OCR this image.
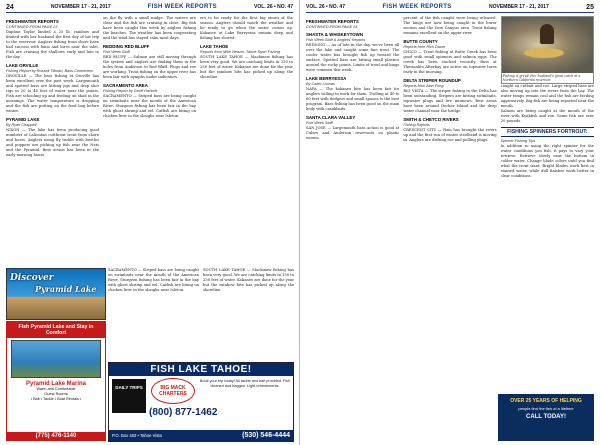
24	NOVEMBER 17 - 21, 2017	FISH WEEK REPORTS	VOL. 26 • NO. 47
FRESHWATER REPORTS
CONTINUED FROM PAGE 23
Daphne Taylor landed a 25 lb. rainbow and limited with her husband the first day of his trip to the reservoir. Anglers fishing from shore have had success with baits and lures near the inlet. Fish are cruising the shallows early and late in the day.
LAKE ORVILLE
Fishing Report by Russell Tillman, Bass Connection
OROVILLE — The bass fishing at Oroville has been excellent over the past week. Largemouth and spotted bass are hitting jigs and drop shot rigs in 20 to 40 feet of water near the points. Fish are schooling up and feeding on shad in the mornings. The water temperature is dropping and the fish are putting on the feed bag before winter.
PYRAMID LAKE
By Ryan Chappell
NIXON — The lake has been producing good numbers of Lahontan cutthroat trout from shore and boats. Anglers using fly tackle with beetles and poppers are picking up fish near the Nets and the Pyramid. Best action has been in the early morning hours.
on the fly with a small midge. The waters are clear and the fish are cruising in close. Big fish have been caught this week by anglers fishing the beaches. The weather has been cooperating and the wind has stayed calm most days.
REDDING RED BLUFF
Fish Week Staff
RED BLUFF — Salmon are still moving through the system and anglers are finding them in the holes from Anderson to Red Bluff. Plugs and roe are working. Trout fishing on the upper river has been fair with nymphs under indicators.
SACRAMENTO AREA
Fishing Report by Geoff Hackett
SACRAMENTO — Striped bass are being caught on swimbaits near the mouth of the American River. Sturgeon fishing has been fair in the bay with ghost shrimp and eel. Catfish are biting on chicken liver in the sloughs near Isleton.
ers to be ready for the first big storm of the season. Anglers should watch the weather and be ready to go when the water comes up. Kokanee at Lake Berryessa remain deep and fishing has slowed.
LAKE TAHOE
Reports from Mike Nelson, Tahoe Sport Fishing
SOUTH LAKE TAHOE — Mackinaw fishing has been very good. We are catching limits in 150 to 250 feet of water. Kokanee are done for the year but the rainbow bite has picked up along the shoreline.
SACRAMENTO — Striped bass are being caught on swimbaits near the mouth of the American River. Sturgeon fishing has been fair in the bay with ghost shrimp and eel. Catfish are biting on chicken liver in the sloughs near Isleton.
SOUTH LAKE TAHOE — Mackinaw fishing has been very good. We are catching limits in 150 to 250 feet of water. Kokanee are done for the year but the rainbow bite has picked up along the shoreline.
Discover
Pyramid Lake
Fish Pyramid Lake and Stay in Comfort
Pyramid Lake Marina
Warm and Comfortable
Guest Rooms
• Bait • Tackle • Boat Rentals •
(775) 476-1140
FISH LAKE TAHOE!
DAILY TRIPS	BIG MACK CHARTERS
(800) 877-1462
Book your trip today! All tackle and bait provided. Fish cleaned and bagged. Light refreshments.
P.O. Box 463 • Tahoe Vista	(530) 546-4444
VOL. 26 • NO. 47	FISH WEEK REPORTS	NOVEMBER 17 - 21, 2017	25
FRESHWATER REPORTS
CONTINUED FROM PAGE 24
SHASTA & WHISKEYTOWN
Fish Week Staff & Anglers' Reports
REDDING — As of late in the day, we've been all over the lake and caught some fine trout. The cooler water has brought fish up toward the surface. Spotted bass are hitting small plastics around the rocky points. Limits of trout and kings were common this week.
LAKE BERRYESSA
By Caleb Lounas
NAPA — The kokanee bite has been fair for anglers willing to work for them. Trolling at 40 to 60 feet with dodgers and small spoons is the best program. Bass fishing has been good on the main body with crankbaits.
SANTA CLARA VALLEY
Fish Week Staff
SAN JOSE — Largemouth bass action is good at Calero and Anderson reservoirs on plastic worms.
percent of the fish caught were being released. The kings are now being caught in the lower section and the Iron Canyon area. Trout fishing remains excellent on the upper river.
BUTTE COUNTY
Reports from Rich Dauer
CHICO — Trout fishing at Butte Creek has been good with small spinners and salmon eggs. The creek has been stocked recently. Bass at Thermalito Afterbay are active on topwater lures early in the morning.
DELTA STRIPER ROUNDUP
Reports from Alan Fong
RIO VISTA — The striper fishing in the Delta has been outstanding. Stripers are hitting swimbaits, topwater plugs and live minnows. Best areas have been around Decker Island and the deep water channel near the bridge.
SMITH & CHETCO RIVERS
Fishing Reports
CRESCENT CITY — Rain has brought the rivers up and the first run of winter steelhead is moving in. Anglers are drifting roe and pulling plugs.
Fishing is great! Her husband's great catch at a Northern California reservoir.
caught on cutbait and roe. Large striped bass are also moving up into the rivers from the bay. The water temps remain cool and the fish are feeding aggressively. Big fish are being reported near the mouth.
Salmon are being caught at the mouth of the river with Kwikfish and roe. Some fish are over 20 pounds.
FISHING SPINNERS FORTROUT:
Spinner Fishing Tips
In addition to using the right spinner for the water conditions you fish, it pays to vary your retrieve. Retrieve slowly near the bottom in colder water. Change blade colors until you find what the trout want. Bright blades work best in stained water, while dull finishes work better in clear conditions.
OVER 25 YEARS OF HELPING
people find the fish of a lifetime
CALL TODAY!
